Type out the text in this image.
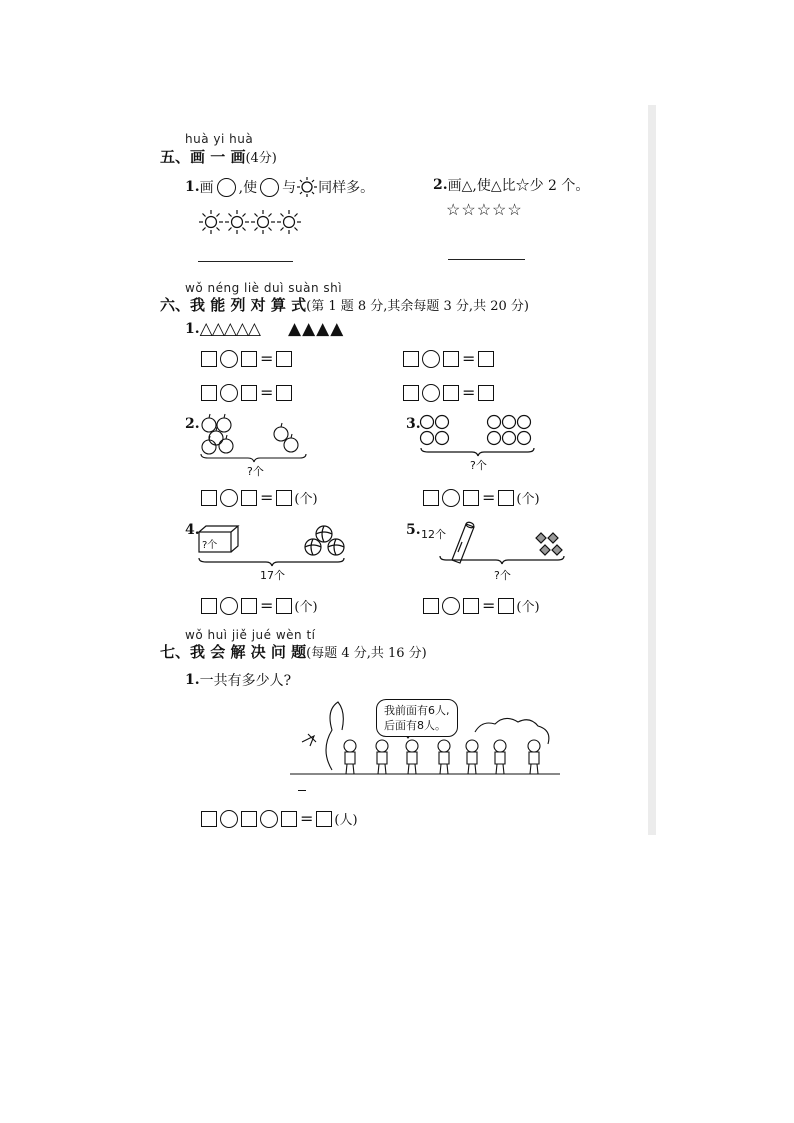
huà yi huà
五、画 一 画(4分)
1. 画 ,使 与 同样多。	2. 画△,使△比☆少 2 个。
☆☆☆☆☆
wǒ néng liè duì suàn shì
六、我 能 列 对 算 式(第 1 题 8 分,其余每题 3 分,共 20 分)
1. △△△△△ ▲▲▲▲
=	=
=	=
2.
?个
3.
?个
= (个)	= (个)
4.
?个
17个
5. 12个
?个
= (个)	= (个)
wǒ huì jiě jué wèn tí
七、我 会 解 决 问 题(每题 4 分,共 16 分)
1. 一共有多少人?
我前面有6人,
后面有8人。
= (人)
